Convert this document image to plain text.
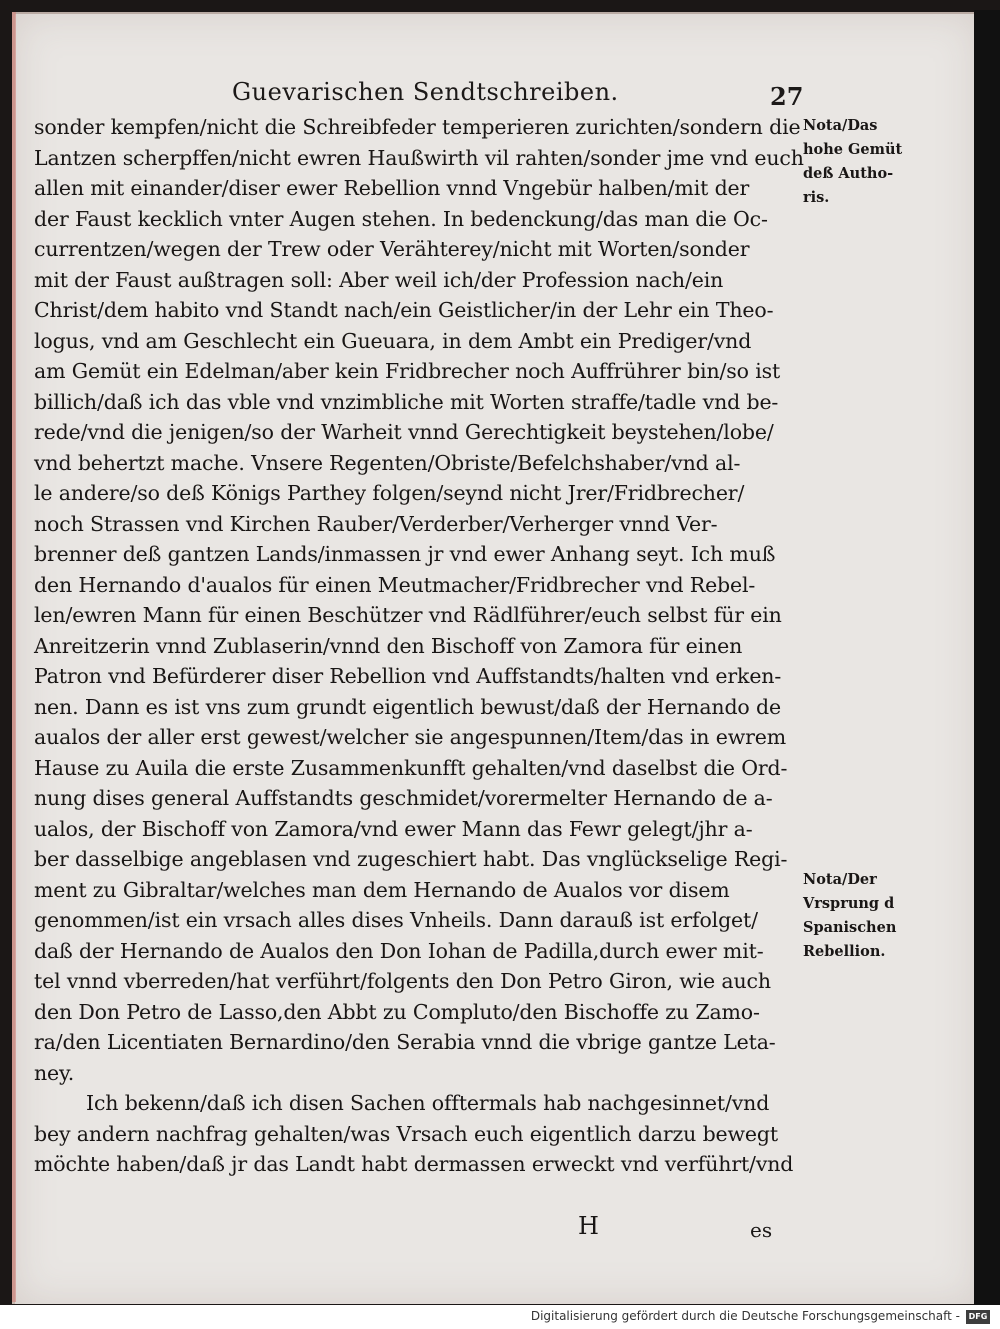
Guevarischen Sendtschreiben.	27
sonder kempfen/nicht die Schreibfeder temperieren zurichten/sondern die
Lantzen scherpffen/nicht ewren Haußwirth vil rahten/sonder jme vnd euch
allen mit einander/diser ewer Rebellion vnnd Vngebür halben/mit der
der Faust kecklich vnter Augen stehen. In bedenckung/das man die Oc-
currentzen/wegen der Trew oder Verähterey/nicht mit Worten/sonder
mit der Faust außtragen soll: Aber weil ich/der Profession nach/ein
Christ/dem habito vnd Standt nach/ein Geistlicher/in der Lehr ein Theo-
logus, vnd am Geschlecht ein Gueuara, in dem Ambt ein Prediger/vnd
am Gemüt ein Edelman/aber kein Fridbrecher noch Auffrührer bin/so ist
billich/daß ich das vble vnd vnzimbliche mit Worten straffe/tadle vnd be-
rede/vnd die jenigen/so der Warheit vnnd Gerechtigkeit beystehen/lobe/
vnd behertzt mache. Vnsere Regenten/Obriste/Befelchshaber/vnd al-
le andere/so deß Königs Parthey folgen/seynd nicht Jrer/Fridbrecher/
noch Strassen vnd Kirchen Rauber/Verderber/Verherger vnnd Ver-
brenner deß gantzen Lands/inmassen jr vnd ewer Anhang seyt. Ich muß
den Hernando d'aualos für einen Meutmacher/Fridbrecher vnd Rebel-
len/ewren Mann für einen Beschützer vnd Rädlführer/euch selbst für ein
Anreitzerin vnnd Zublaserin/vnnd den Bischoff von Zamora für einen
Patron vnd Befürderer diser Rebellion vnd Auffstandts/halten vnd erken-
nen. Dann es ist vns zum grundt eigentlich bewust/daß der Hernando de
aualos der aller erst gewest/welcher sie angespunnen/Item/das in ewrem
Hause zu Auila die erste Zusammenkunfft gehalten/vnd daselbst die Ord-
nung dises general Auffstandts geschmidet/vorermelter Hernando de a-
ualos, der Bischoff von Zamora/vnd ewer Mann das Fewr gelegt/jhr a-
ber dasselbige angeblasen vnd zugeschiert habt. Das vnglückselige Regi-
ment zu Gibraltar/welches man dem Hernando de Aualos vor disem
genommen/ist ein vrsach alles dises Vnheils. Dann darauß ist erfolget/
daß der Hernando de Aualos den Don Iohan de Padilla,durch ewer mit-
tel vnnd vberreden/hat verführt/folgents den Don Petro Giron, wie auch
den Don Petro de Lasso,den Abbt zu Compluto/den Bischoffe zu Zamo-
ra/den Licentiaten Bernardino/den Serabia vnnd die vbrige gantze Leta-
ney.
Ich bekenn/daß ich disen Sachen offtermals hab nachgesinnet/vnd
bey andern nachfrag gehalten/was Vrsach euch eigentlich darzu bewegt
möchte haben/daß jr das Landt habt dermassen erweckt vnd verführt/vnd
Nota/Das
hohe Gemüt
deß Autho-
ris.
Nota/Der
Vrsprung d
Spanischen
Rebellion.
H	es
Digitalisierung gefördert durch die Deutsche Forschungsgemeinschaft -	DFG
